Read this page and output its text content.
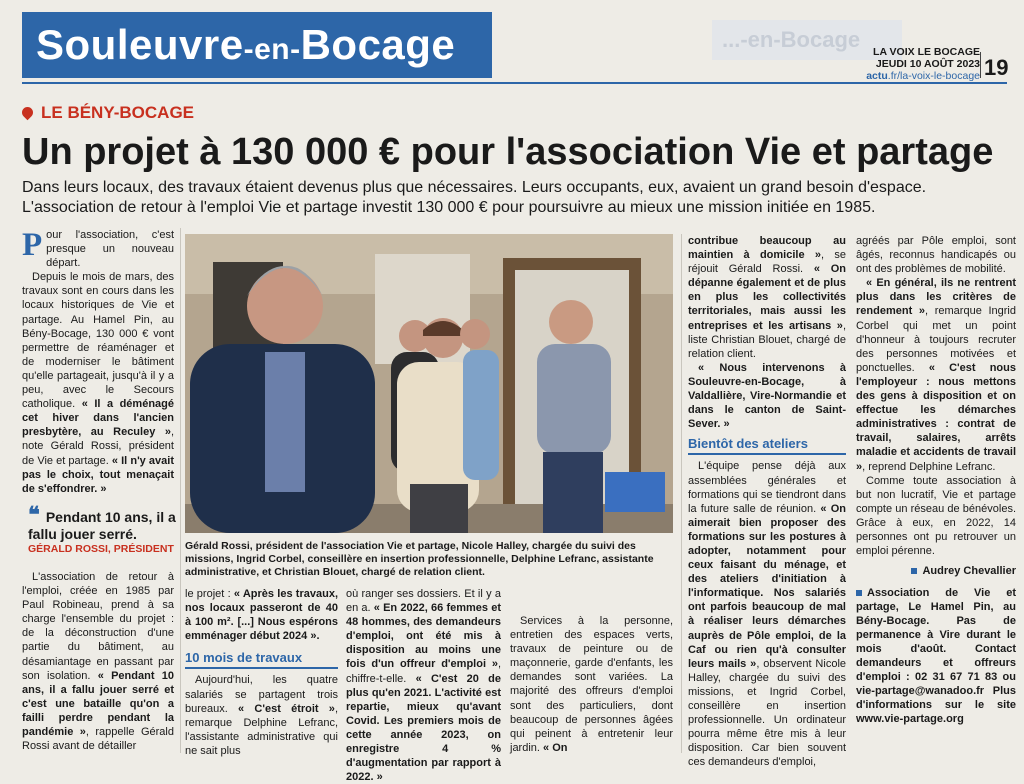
Souleuvre-en-Bocage	...-en-Bocage	LA VOIX LE BOCAGE
JEUDI 10 AOÛT 2023
actu.fr/la-voix-le-bocage 19
LE BÉNY-BOCAGE
Un projet à 130 000 € pour l'association Vie et partage
Dans leurs locaux, des travaux étaient devenus plus que nécessaires. Leurs occupants, eux, avaient un grand besoin d'espace. L'association de retour à l'emploi Vie et partage investit 130 000 € pour poursuivre au mieux une mission initiée en 1985.

Pour l'association, c'est presque un nouveau départ.

Depuis le mois de mars, des travaux sont en cours dans les locaux historiques de Vie et partage. Au Hamel Pin, au Bény-Bocage, 130 000 € vont permettre de réaménager et de moderniser le bâtiment qu'elle partageait, jusqu'à il y a peu, avec le Secours catholique. « Il a déménagé cet hiver dans l'ancien presbytère, au Reculey », note Gérald Rossi, président de Vie et partage. « Il n'y avait pas le choix, tout menaçait de s'effondrer. »

❝ Pendant 10 ans, il a fallu jouer serré.
GÉRALD ROSSI, PRÉSIDENT

L'association de retour à l'emploi, créée en 1985 par Paul Robineau, prend à sa charge l'ensemble du projet : de la déconstruction d'une partie du bâtiment, au désamiantage en passant par son isolation. « Pendant 10 ans, il a fallu jouer serré et c'est une bataille qu'on a failli perdre pendant la pandémie », rappelle Gérald Rossi avant de détailler

Gérald Rossi, président de l'association Vie et partage, Nicole Halley, chargée du suivi des missions, Ingrid Corbel, conseillère en insertion professionnelle, Delphine Lefranc, assistante administrative, et Christian Blouet, chargé de relation client.

le projet : « Après les travaux, nos locaux passeront de 40 à 100 m². [...] Nous espérons emménager début 2024 ».

10 mois de travaux

Aujourd'hui, les quatre salariés se partagent trois bureaux. « C'est étroit », remarque Delphine Lefranc, l'assistante administrative qui ne sait plus

où ranger ses dossiers. Et il y a en a. « En 2022, 66 femmes et 48 hommes, des demandeurs d'emploi, ont été mis à disposition au moins une fois d'un offreur d'emploi », chiffre-t-elle. « C'est 20 de plus qu'en 2021. L'activité est repartie, mieux qu'avant Covid. Les premiers mois de cette année 2023, on enregistre 4 % d'augmentation par rapport à 2022. »

Services à la personne, entretien des espaces verts, travaux de peinture ou de maçonnerie, garde d'enfants, les demandes sont variées. La majorité des offreurs d'emploi sont des particuliers, dont beaucoup de personnes âgées qui peinent à entretenir leur jardin. « On

contribue beaucoup au maintien à domicile », se réjouit Gérald Rossi. « On dépanne également et de plus en plus les collectivités territoriales, mais aussi les entreprises et les artisans », liste Christian Blouet, chargé de relation client.

« Nous intervenons à Souleuvre-en-Bocage, à Valdallière, Vire-Normandie et dans le canton de Saint-Sever. »

Bientôt des ateliers

L'équipe pense déjà aux assemblées générales et formations qui se tiendront dans la future salle de réunion. « On aimerait bien proposer des formations sur les postures à adopter, notamment pour ceux faisant du ménage, et des ateliers d'initiation à l'informatique. Nos salariés ont parfois beaucoup de mal à réaliser leurs démarches auprès de Pôle emploi, de la Caf ou rien qu'à consulter leurs mails », observent Nicole Halley, chargée du suivi des missions, et Ingrid Corbel, conseillère en insertion professionnelle. Un ordinateur pourra même être mis à leur disposition. Car bien souvent ces demandeurs d'emploi,

agréés par Pôle emploi, sont âgés, reconnus handicapés ou ont des problèmes de mobilité.

« En général, ils ne rentrent plus dans les critères de rendement », remarque Ingrid Corbel qui met un point d'honneur à toujours recruter des personnes motivées et ponctuelles. « C'est nous l'employeur : nous mettons des gens à disposition et on effectue les démarches administratives : contrat de travail, salaires, arrêts maladie et accidents de travail », reprend Delphine Lefranc.

Comme toute association à but non lucratif, Vie et partage compte un réseau de bénévoles. Grâce à eux, en 2022, 14 personnes ont pu retrouver un emploi pérenne.

Audrey Chevallier
Association de Vie et partage, Le Hamel Pin, au Bény-Bocage. Pas de permanence à Vire durant le mois d'août. Contact demandeurs et offreurs d'emploi : 02 31 67 71 83 ou vie-partage@wanadoo.fr Plus d'informations sur le site www.vie-partage.org
